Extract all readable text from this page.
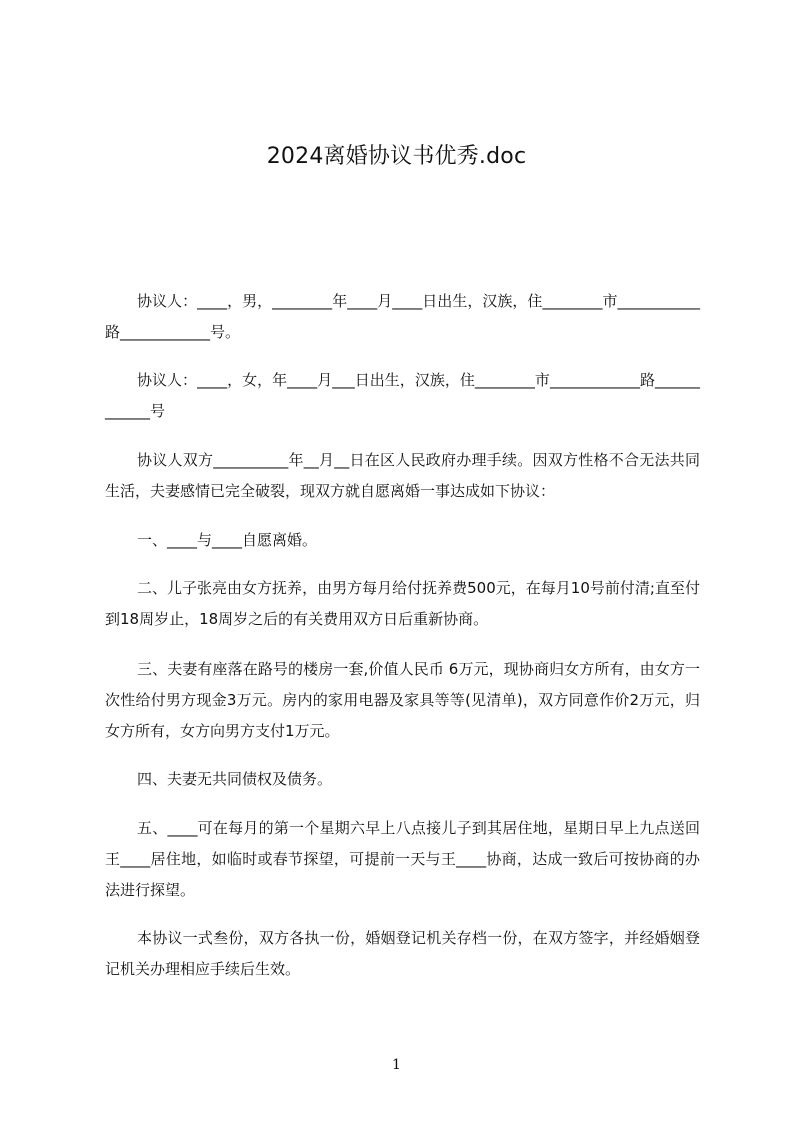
2024离婚协议书优秀.doc

协议人：____，男，________年____月____日出生，汉族，住________市___________路____________号。

协议人：____，女，年____月___日出生，汉族，住________市____________路____________号

协议人双方__________年__月__日在区人民政府办理手续。因双方性格不合无法共同生活，夫妻感情已完全破裂，现双方就自愿离婚一事达成如下协议：

一、____与____自愿离婚。

二、儿子张亮由女方抚养，由男方每月给付抚养费500元，在每月10号前付清;直至付到18周岁止，18周岁之后的有关费用双方日后重新协商。

三、夫妻有座落在路号的楼房一套,价值人民币 6万元，现协商归女方所有，由女方一次性给付男方现金3万元。房内的家用电器及家具等等(见清单)，双方同意作价2万元，归女方所有，女方向男方支付1万元。

四、夫妻无共同债权及债务。

五、____可在每月的第一个星期六早上八点接儿子到其居住地，星期日早上九点送回王____居住地，如临时或春节探望，可提前一天与王____协商，达成一致后可按协商的办法进行探望。

本协议一式叁份，双方各执一份，婚姻登记机关存档一份，在双方签字，并经婚姻登记机关办理相应手续后生效。

1
